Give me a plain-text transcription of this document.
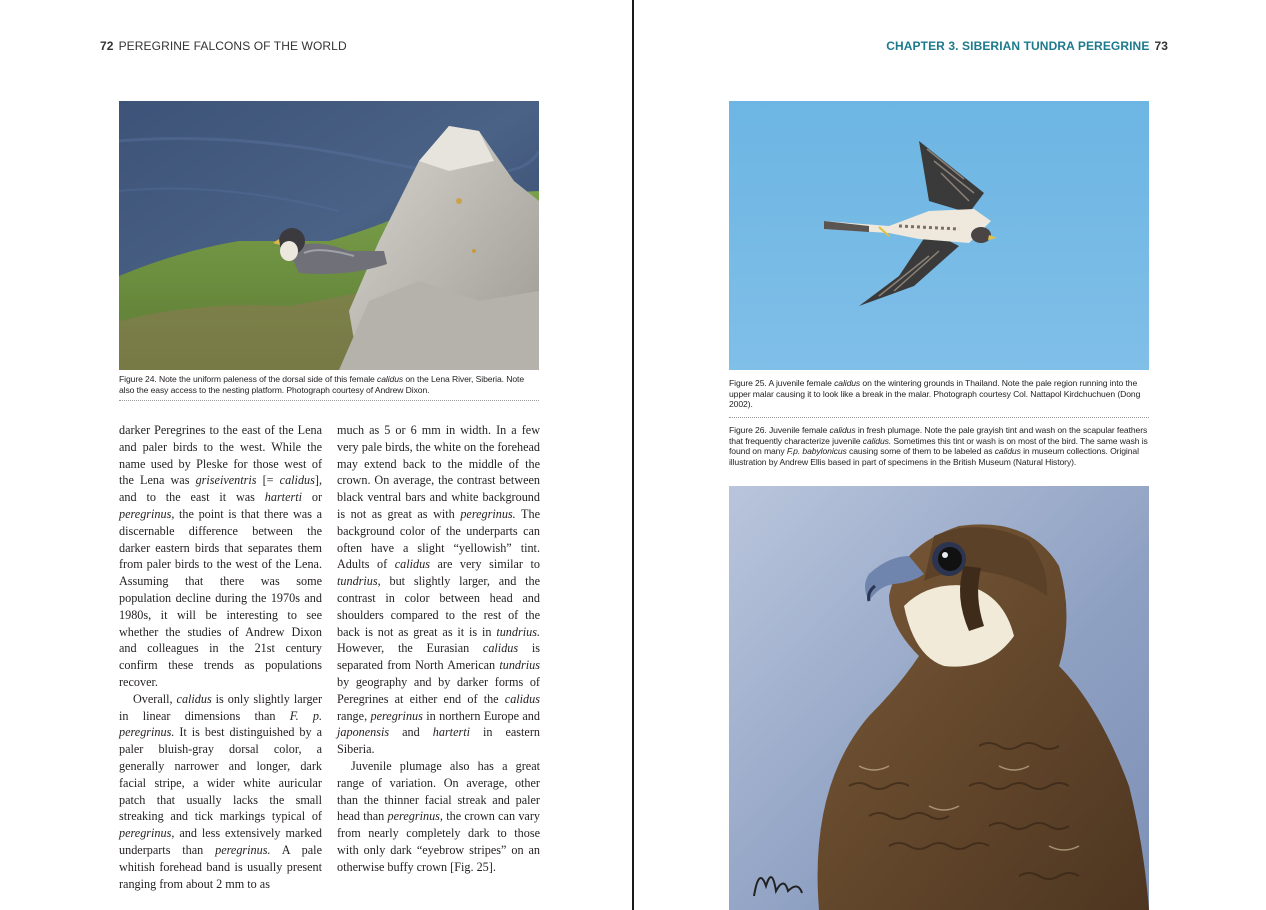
72 PEREGRINE FALCONS OF THE WORLD
Figure 24. Note the uniform paleness of the dorsal side of this female calidus on the Lena River, Siberia. Note also the easy access to the nesting platform. Photograph courtesy of Andrew Dixon.

darker Peregrines to the east of the Lena and paler birds to the west. While the name used by Pleske for those west of the Lena was griseiventris [= calidus], and to the east it was harterti or peregrinus, the point is that there was a discernable difference between the darker eastern birds that separates them from paler birds to the west of the Lena. Assuming that there was some population decline during the 1970s and 1980s, it will be interesting to see whether the studies of Andrew Dixon and colleagues in the 21st century confirm these trends as populations recover.

Overall, calidus is only slightly larger in linear dimensions than F. p. peregrinus. It is best distinguished by a paler bluish-gray dorsal color, a generally narrower and longer, dark facial stripe, a wider white auricular patch that usually lacks the small streaking and tick markings typical of peregrinus, and less extensively marked underparts than peregrinus. A pale whitish forehead band is usually present ranging from about 2 mm to as

much as 5 or 6 mm in width. In a few very pale birds, the white on the forehead may extend back to the middle of the crown. On average, the contrast between black ventral bars and white background is not as great as with peregrinus. The background color of the underparts can often have a slight “yellowish” tint. Adults of calidus are very similar to tundrius, but slightly larger, and the contrast in color between head and shoulders compared to the rest of the back is not as great as it is in tundrius. However, the Eurasian calidus is separated from North American tundrius by geography and by darker forms of Peregrines at either end of the calidus range, peregrinus in northern Europe and japonensis and harterti in eastern Siberia.

Juvenile plumage also has a great range of variation. On average, other than the thinner facial streak and paler head than peregrinus, the crown can vary from nearly completely dark to those with only dark “eyebrow stripes” on an otherwise buffy crown [Fig. 25].

CHAPTER 3. SIBERIAN TUNDRA PEREGRINE 73
Figure 25. A juvenile female calidus on the wintering grounds in Thailand. Note the pale region running into the upper malar causing it to look like a break in the malar. Photograph courtesy Col. Nattapol Kirdchuchuen (Dong 2002).
Figure 26. Juvenile female calidus in fresh plumage. Note the pale grayish tint and wash on the scapular feathers that frequently characterize juvenile calidus. Sometimes this tint or wash is on most of the bird. The same wash is found on many F.p. babylonicus causing some of them to be labeled as calidus in museum collections. Original illustration by Andrew Ellis based in part of specimens in the British Museum (Natural History).
